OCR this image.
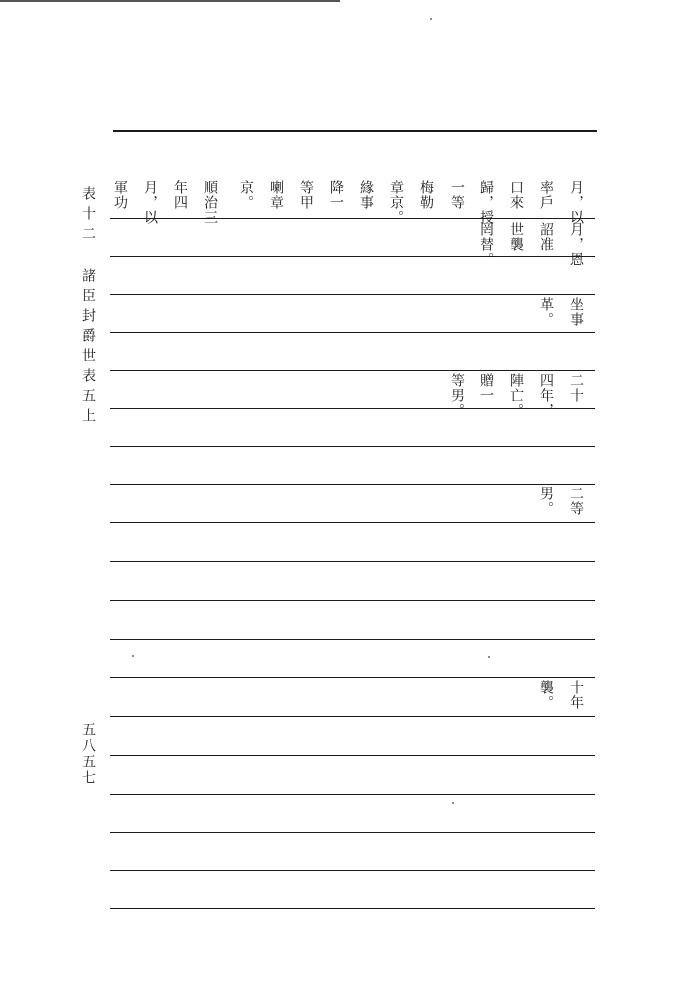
表十二 諸臣封爵世表五上
五八五七
月，以
率戶
口來
歸，授
一等
梅勒
章京。
緣事
降一
等甲
喇章
京。
順治三
年四
月，以
軍功
月，恩
詔准
世襲
罔替。
坐事
革。
二十
四年，
陣亡。
贈一
等男。
二等
男。
十年
襲。
